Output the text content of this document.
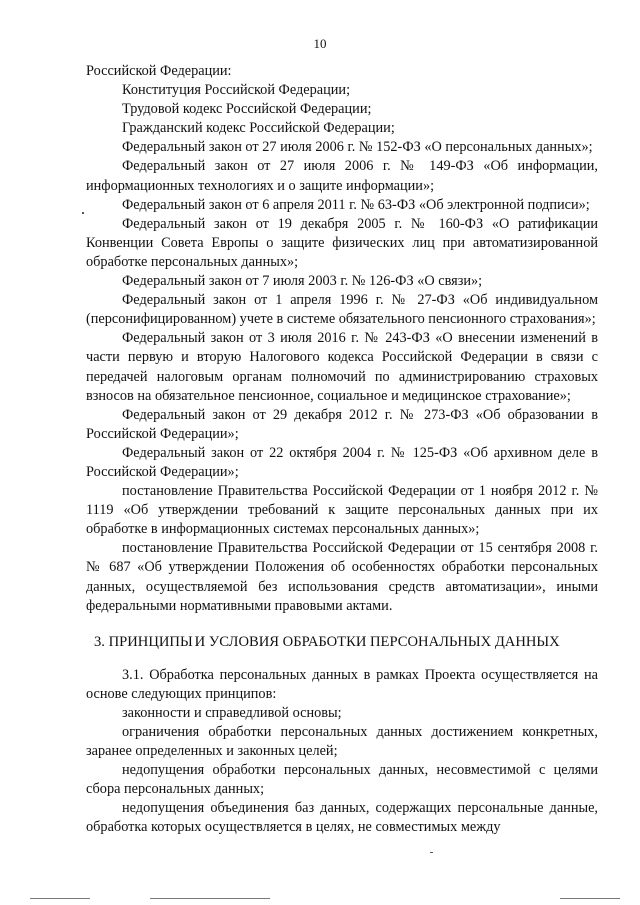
10

Российской Федерации:

Конституция Российской Федерации;

Трудовой кодекс Российской Федерации;

Гражданский кодекс Российской Федерации;

Федеральный закон от 27 июля 2006 г. № 152-ФЗ «О персональных данных»;

Федеральный закон от 27 июля 2006 г. № 149-ФЗ «Об информации, информационных технологиях и о защите информации»;

Федеральный закон от 6 апреля 2011 г. № 63-ФЗ «Об электронной подписи»;

Федеральный закон от 19 декабря 2005 г. № 160-ФЗ «О ратификации Конвенции Совета Европы о защите физических лиц при автоматизированной обработке персональных данных»;

Федеральный закон от 7 июля 2003 г. № 126-ФЗ «О связи»;

Федеральный закон от 1 апреля 1996 г. № 27-ФЗ «Об индивидуальном (персонифицированном) учете в системе обязательного пенсионного страхования»;

Федеральный закон от 3 июля 2016 г. № 243-ФЗ «О внесении изменений в части первую и вторую Налогового кодекса Российской Федерации в связи с передачей налоговым органам полномочий по администрированию страховых взносов на обязательное пенсионное, социальное и медицинское страхование»;

Федеральный закон от 29 декабря 2012 г. № 273-ФЗ «Об образовании в Российской Федерации»;

Федеральный закон от 22 октября 2004 г. № 125-ФЗ «Об архивном деле в Российской Федерации»;

постановление Правительства Российской Федерации от 1 ноября 2012 г. № 1119 «Об утверждении требований к защите персональных данных при их обработке в информационных системах персональных данных»;

постановление Правительства Российской Федерации от 15 сентября 2008 г. № 687 «Об утверждении Положения об особенностях обработки персональных данных, осуществляемой без использования средств автоматизации», иными федеральными нормативными правовыми актами.

3. ПРИНЦИПЫ И УСЛОВИЯ ОБРАБОТКИ ПЕРСОНАЛЬНЫХ ДАННЫХ

3.1. Обработка персональных данных в рамках Проекта осуществляется на основе следующих принципов:

законности и справедливой основы;

ограничения обработки персональных данных достижением конкретных, заранее определенных и законных целей;

недопущения обработки персональных данных, несовместимой с целями сбора персональных данных;

недопущения объединения баз данных, содержащих персональные данные, обработка которых осуществляется в целях, не совместимых между
